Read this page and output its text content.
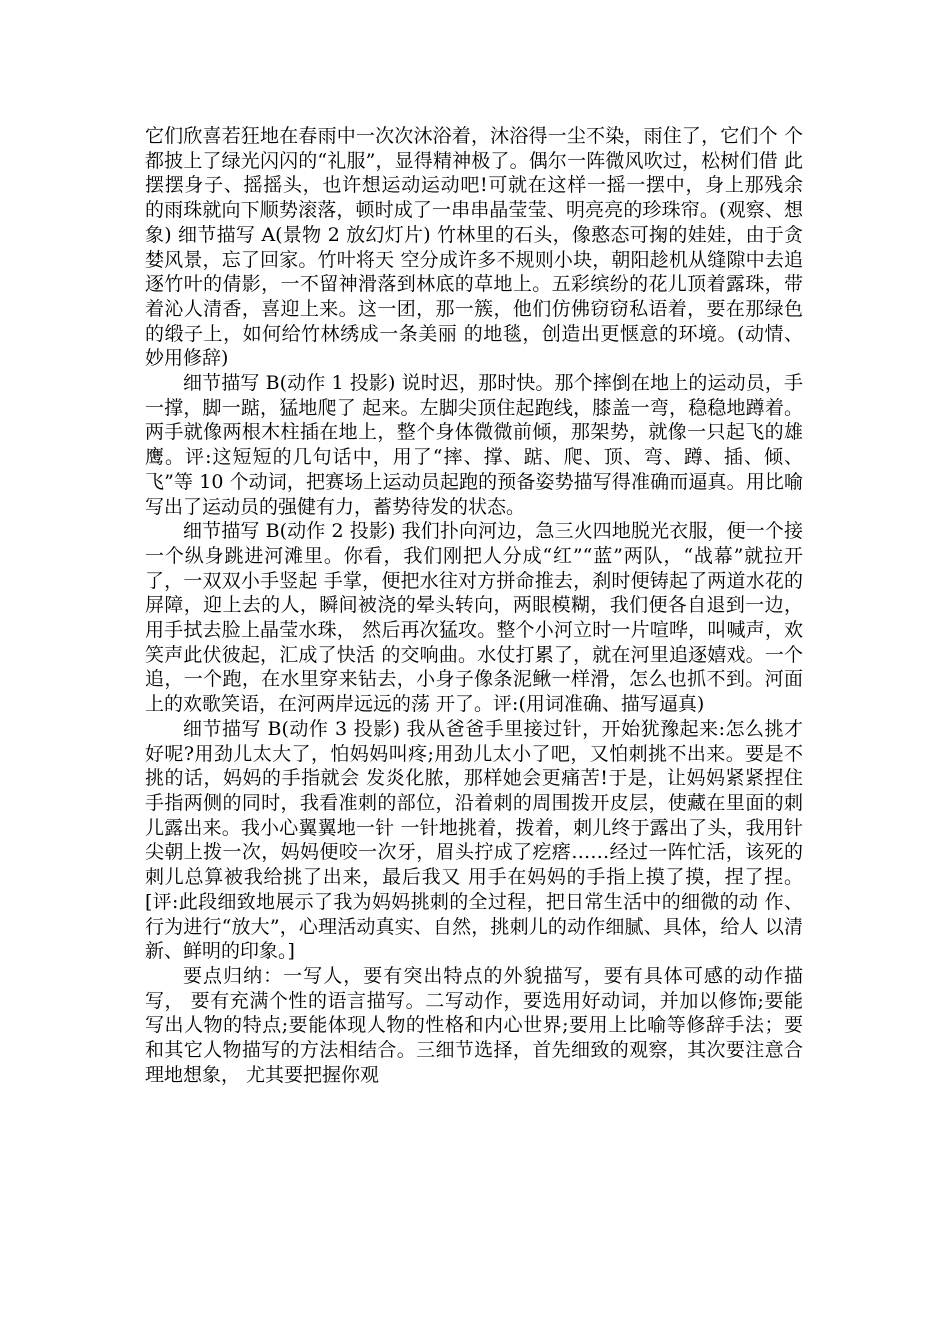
它们欣喜若狂地在春雨中一次次沐浴着，沐浴得一尘不染，雨住了，它们个 个都披上了绿光闪闪的“礼服”，显得精神极了。偶尔一阵微风吹过，松树们借 此摆摆身子、摇摇头，也许想运动运动吧!可就在这样一摇一摆中，身上那残余 的雨珠就向下顺势滚落，顿时成了一串串晶莹莹、明亮亮的珍珠帘。(观察、想 象) 细节描写 A(景物 2 放幻灯片) 竹林里的石头，像憨态可掬的娃娃，由于贪婪风景，忘了回家。竹叶将天 空分成许多不规则小块，朝阳趁机从缝隙中去追逐竹叶的倩影，一不留神滑落到林底的草地上。五彩缤纷的花儿顶着露珠，带着沁人清香，喜迎上来。这一团，那一簇，他们仿佛窃窃私语着，要在那绿色的缎子上，如何给竹林绣成一条美丽 的地毯，创造出更惬意的环境。(动情、妙用修辞)

细节描写 B(动作 1 投影) 说时迟，那时快。那个摔倒在地上的运动员，手一撑，脚一踮，猛地爬了 起来。左脚尖顶住起跑线，膝盖一弯，稳稳地蹲着。两手就像两根木柱插在地上，整个身体微微前倾，那架势，就像一只起飞的雄鹰。评:这短短的几句话中，用了“摔、撑、踮、爬、顶、弯、蹲、插、倾、飞”等 10 个动词，把赛场上运动员起跑的预备姿势描写得准确而逼真。用比喻写出了运动员的强健有力，蓄势待发的状态。

细节描写 B(动作 2 投影) 我们扑向河边，急三火四地脱光衣服，便一个接一个纵身跳进河滩里。你看，我们刚把人分成“红”“蓝”两队，“战幕”就拉开了，一双双小手竖起 手掌，便把水往对方拼命推去，刹时便铸起了两道水花的屏障，迎上去的人，瞬间被浇的晕头转向，两眼模糊，我们便各自退到一边，用手拭去脸上晶莹水珠， 然后再次猛攻。整个小河立时一片喧哗，叫喊声，欢笑声此伏彼起，汇成了快活 的交响曲。水仗打累了，就在河里追逐嬉戏。一个追，一个跑，在水里穿来钻去，小身子像条泥鳅一样滑，怎么也抓不到。河面上的欢歌笑语，在河两岸远远的荡 开了。评:(用词准确、描写逼真)

细节描写 B(动作 3 投影) 我从爸爸手里接过针，开始犹豫起来:怎么挑才好呢?用劲儿太大了，怕妈妈叫疼;用劲儿太小了吧，又怕刺挑不出来。要是不挑的话，妈妈的手指就会 发炎化脓，那样她会更痛苦!于是，让妈妈紧紧捏住手指两侧的同时，我看准刺的部位，沿着刺的周围拨开皮层，使藏在里面的刺儿露出来。我小心翼翼地一针 一针地挑着，拨着，刺儿终于露出了头，我用针尖朝上拨一次，妈妈便咬一次牙，眉头拧成了疙瘩……经过一阵忙活，该死的刺儿总算被我给挑了出来，最后我又 用手在妈妈的手指上摸了摸，捏了捏。 [评:此段细致地展示了我为妈妈挑刺的全过程，把日常生活中的细微的动 作、行为进行“放大”，心理活动真实、自然，挑刺儿的动作细腻、具体，给人 以清新、鲜明的印象。]

要点归纳：一写人，要有突出特点的外貌描写，要有具体可感的动作描写， 要有充满个性的语言描写。二写动作，要选用好动词，并加以修饰;要能写出人物的特点;要能体现人物的性格和内心世界;要用上比喻等修辞手法；要和其它人物描写的方法相结合。三细节选择，首先细致的观察，其次要注意合理地想象， 尤其要把握你观
